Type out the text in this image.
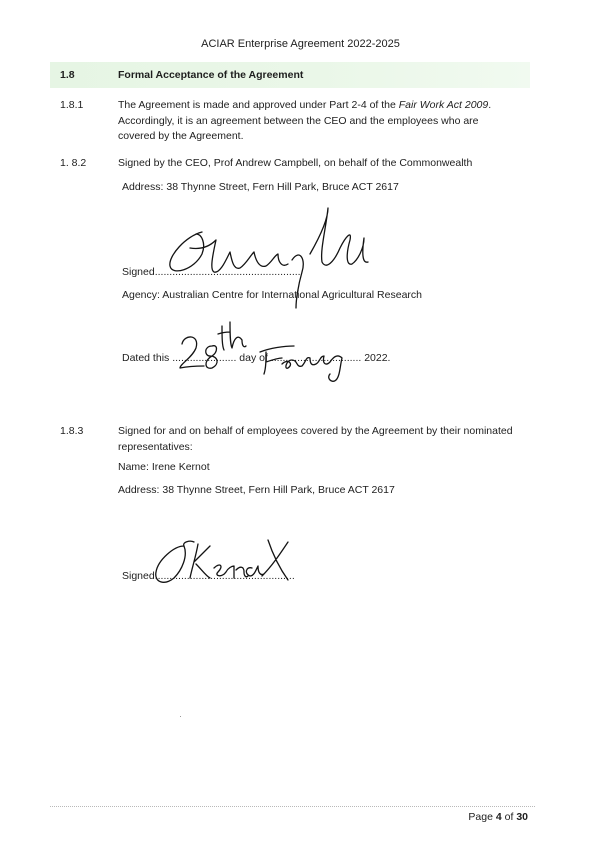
ACIAR Enterprise Agreement 2022-2025
1.8	Formal Acceptance of the Agreement
1.8.1	The Agreement is made and approved under Part 2-4 of the Fair Work Act 2009. Accordingly, it is an agreement between the CEO and the employees who are covered by the Agreement.
1. 8.2	Signed by the CEO, Prof Andrew Campbell, on behalf of the Commonwealth
Address: 38 Thynne Street, Fern Hill Park, Bruce ACT 2617
Signed..................................................
Agency: Australian Centre for International Agricultural Research
Dated this ...................... day of ............................... 2022.
1.8.3	Signed for and on behalf of employees covered by the Agreement by their nominated representatives:
Name: Irene Kernot
Address: 38 Thynne Street, Fern Hill Park, Bruce ACT 2617
Signed................................................
Page 4 of 30
